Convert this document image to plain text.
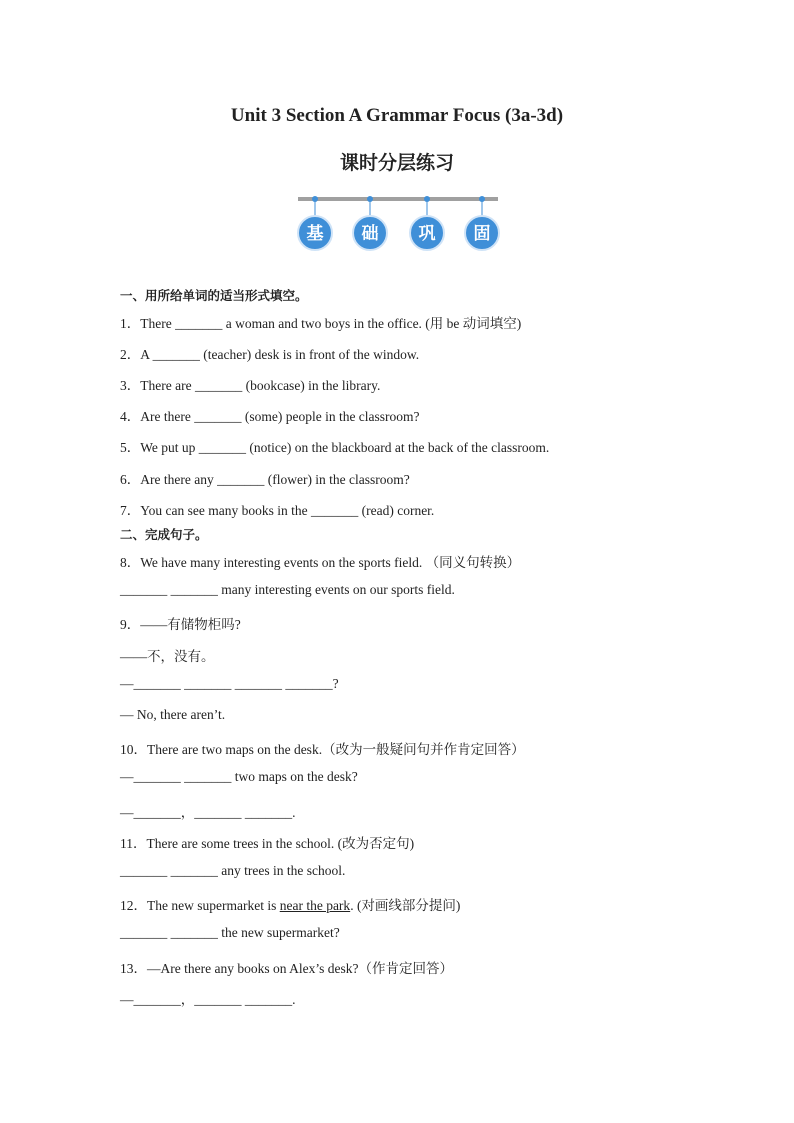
Unit 3 Section A Grammar Focus (3a-3d)
课时分层练习
基 础 巩 固
一、用所给单词的适当形式填空。
1．There _______ a woman and two boys in the office. (用 be 动词填空)
2．A _______ (teacher) desk is in front of the window.
3．There are _______ (bookcase) in the library.
4．Are there _______ (some) people in the classroom?
5．We put up _______ (notice) on the blackboard at the back of the classroom.
6．Are there any _______ (flower) in the classroom?
7．You can see many books in the _______ (read) corner.
二、完成句子。
8．We have many interesting events on the sports field. （同义句转换）
_______ _______ many interesting events on our sports field.
9．——有储物柜吗?
——不，没有。
—_______ _______ _______ _______?
— No, there aren’t.
10．There are two maps on the desk.（改为一般疑问句并作肯定回答）
—_______ _______ two maps on the desk?
—_______，_______ _______.
11．There are some trees in the school. (改为否定句)
_______ _______ any trees in the school.
12．The new supermarket is near the park. (对画线部分提问)
_______ _______ the new supermarket?
13．—Are there any books on Alex’s desk?（作肯定回答）
—_______，_______ _______.
